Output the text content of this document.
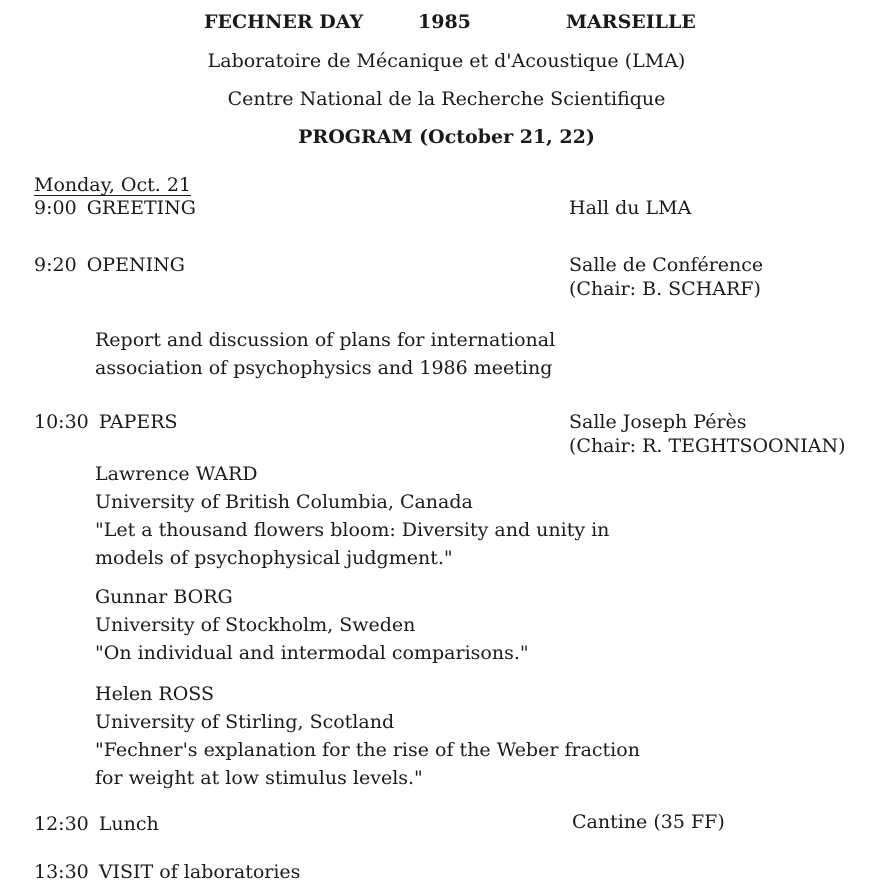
FECHNER DAY	1985	MARSEILLE
Laboratoire de Mécanique et d'Acoustique (LMA)
Centre National de la Recherche Scientifique
PROGRAM (October 21, 22)
Monday, Oct. 21
9:00 GREETING	Hall du LMA
9:20 OPENING	Salle de Conférence
(Chair: B. SCHARF)
Report and discussion of plans for international
association of psychophysics and 1986 meeting
10:30 PAPERS	Salle Joseph Pérès
(Chair: R. TEGHTSOONIAN)
Lawrence WARD
University of British Columbia, Canada
"Let a thousand flowers bloom: Diversity and unity in
models of psychophysical judgment."
Gunnar BORG
University of Stockholm, Sweden
"On individual and intermodal comparisons."
Helen ROSS
University of Stirling, Scotland
"Fechner's explanation for the rise of the Weber fraction
for weight at low stimulus levels."
12:30 Lunch	Cantine (35 FF)
13:30 VISIT of laboratories
